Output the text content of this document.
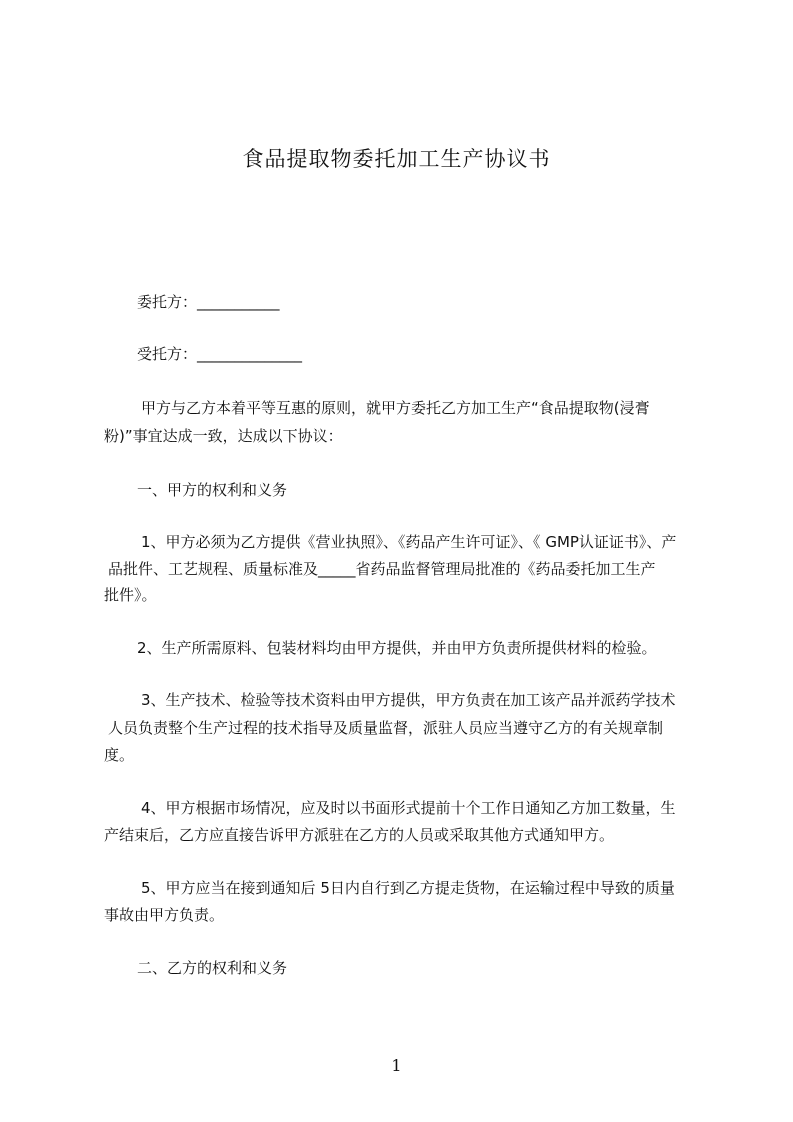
食品提取物委托加工生产协议书
委托方：___________
受托方：______________
甲方与乙方本着平等互惠的原则，就甲方委托乙方加工生产“食品提取物(浸膏
粉)”事宜达成一致，达成以下协议：
一、甲方的权利和义务
1、甲方必须为乙方提供《营业执照》、《药品产生许可证》、《 GMP认证证书》、产
品批件、工艺规程、质量标准及_____省药品监督管理局批准的《药品委托加工生产
批件》。
2、生产所需原料、包装材料均由甲方提供，并由甲方负责所提供材料的检验。
3、生产技术、检验等技术资料由甲方提供，甲方负责在加工该产品并派药学技术
人员负责整个生产过程的技术指导及质量监督，派驻人员应当遵守乙方的有关规章制
度。
4、甲方根据市场情况，应及时以书面形式提前十个工作日通知乙方加工数量，生
产结束后，乙方应直接告诉甲方派驻在乙方的人员或采取其他方式通知甲方。
5、甲方应当在接到通知后 5日内自行到乙方提走货物，在运输过程中导致的质量
事故由甲方负责。
二、乙方的权利和义务
1
